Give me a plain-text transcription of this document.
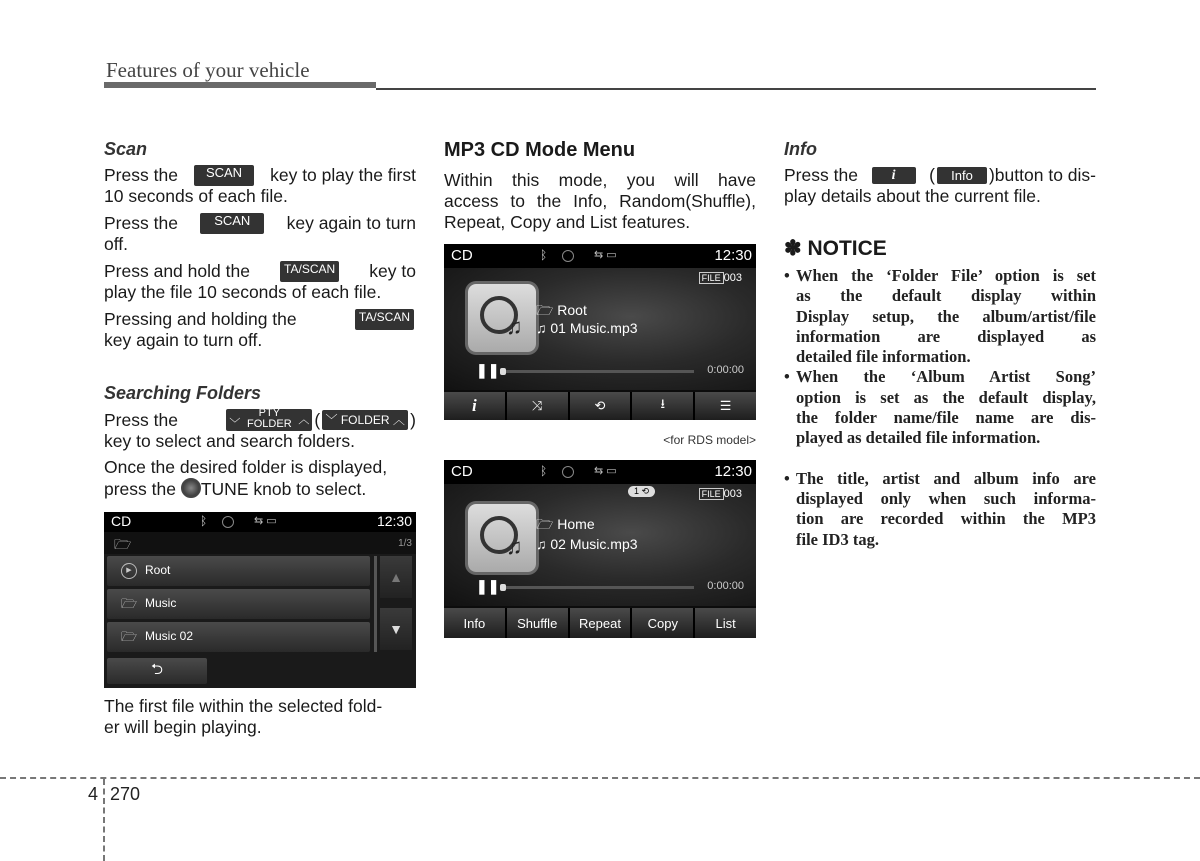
Features of your vehicle
Scan
Press the	SCAN	key to play the first
10 seconds of each file.
Press the	SCAN	key again to turn
off.
Press and hold the	TA/SCAN key to
play the file 10 seconds of each file.
Pressing and holding the	TA/SCAN
key again to turn off.
Searching Folders
Press the	﹀
PTY
FOLDER ︿ ( ﹀ FOLDER ︿ )
key to select and search folders.
Once the desired folder is displayed,
press the TUNE knob to select.
CD	ᛒ	⇆ ▭	12:30
🗁	1/3
▶	Root
🗁 Music
🗁 Music 02
▲
▼
⮌
The first file within the selected fold-
er will begin playing.
MP3 CD Mode Menu
Within this mode, you will have
access to the Info, Random(Shuffle),
Repeat, Copy and List features.
CD	ᛒ	⇆ ▭	12:30
FILE 003
♫
🗁 Root
♫ 01 Music.mp3
❚❚	0:00:00
i	⤨	⟲	⭳	☰
<for RDS model>
CD	ᛒ	⇆ ▭	12:30
1 ⟲	FILE 003
♫
🗁 Home
♫ 02 Music.mp3
❚❚	0:00:00
Info	Shuffle	Repeat	Copy	List
Info
Press the	i	(	Info )button to dis-
play details about the current file.
✽ NOTICE
• When the ‘Folder File’ option is set
as the default display within
Display setup, the album/artist/file
information are displayed as
detailed file information.
• When the ‘Album Artist Song’
option is set as the default display,
the folder name/file name are dis-
played as detailed file information.
• The title, artist and album info are
displayed only when such informa-
tion are recorded within the MP3
file ID3 tag.
4 270
